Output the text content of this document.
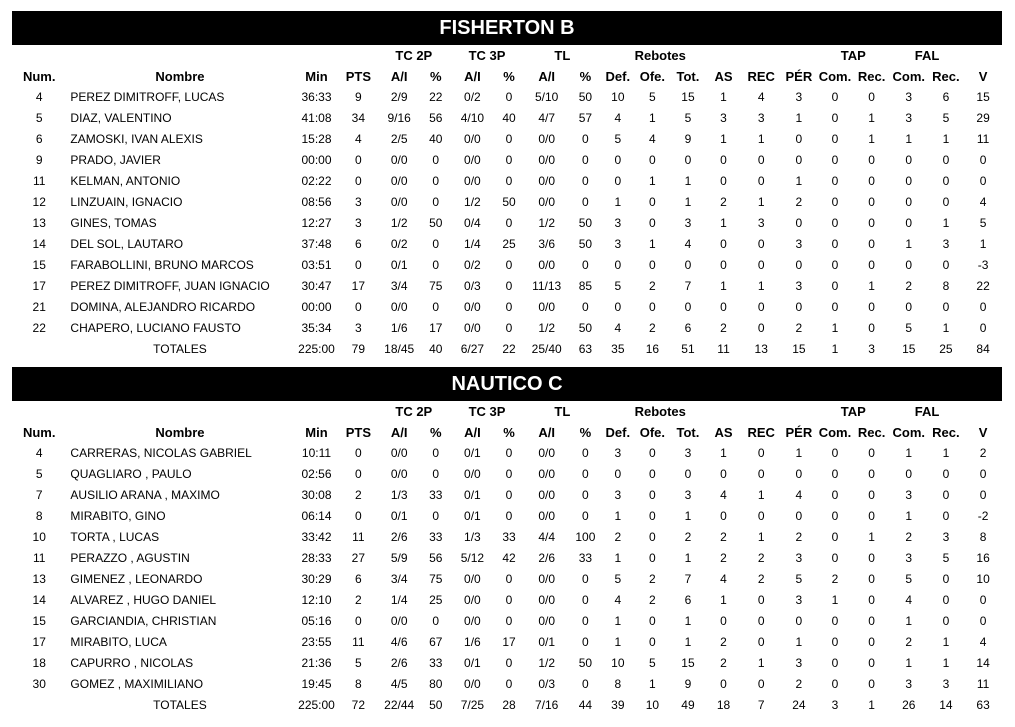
FISHERTON B
				TC 2P		TC 3P		TL			Rebotes					TAP		FAL		
Num.	Nombre	Min	PTS	A/I	%	A/I	%	A/I	%	Def.	Ofe.	Tot.	AS	REC	PÉR	Com.	Rec.	Com.	Rec.	V
4	PEREZ DIMITROFF, LUCAS	36:33	9	2/9	22	0/2	0	5/10	50	10	5	15	1	4	3	0	0	3	6	15
5	DIAZ, VALENTINO	41:08	34	9/16	56	4/10	40	4/7	57	4	1	5	3	3	1	0	1	3	5	29
6	ZAMOSKI, IVAN ALEXIS	15:28	4	2/5	40	0/0	0	0/0	0	5	4	9	1	1	0	0	1	1	1	11
9	PRADO, JAVIER	00:00	0	0/0	0	0/0	0	0/0	0	0	0	0	0	0	0	0	0	0	0	0
11	KELMAN, ANTONIO	02:22	0	0/0	0	0/0	0	0/0	0	0	1	1	0	0	1	0	0	0	0	0
12	LINZUAIN, IGNACIO	08:56	3	0/0	0	1/2	50	0/0	0	1	0	1	2	1	2	0	0	0	0	4
13	GINES, TOMAS	12:27	3	1/2	50	0/4	0	1/2	50	3	0	3	1	3	0	0	0	0	1	5
14	DEL SOL, LAUTARO	37:48	6	0/2	0	1/4	25	3/6	50	3	1	4	0	0	3	0	0	1	3	1
15	FARABOLLINI, BRUNO MARCOS	03:51	0	0/1	0	0/2	0	0/0	0	0	0	0	0	0	0	0	0	0	0	-3
17	PEREZ DIMITROFF, JUAN IGNACIO	30:47	17	3/4	75	0/3	0	11/13	85	5	2	7	1	1	3	0	1	2	8	22
21	DOMINA, ALEJANDRO RICARDO	00:00	0	0/0	0	0/0	0	0/0	0	0	0	0	0	0	0	0	0	0	0	0
22	CHAPERO, LUCIANO FAUSTO	35:34	3	1/6	17	0/0	0	1/2	50	4	2	6	2	0	2	1	0	5	1	0
	TOTALES	225:00	79	18/45	40	6/27	22	25/40	63	35	16	51	11	13	15	1	3	15	25	84
NAUTICO C
				TC 2P		TC 3P		TL			Rebotes					TAP		FAL		
Num.	Nombre	Min	PTS	A/I	%	A/I	%	A/I	%	Def.	Ofe.	Tot.	AS	REC	PÉR	Com.	Rec.	Com.	Rec.	V
4	CARRERAS, NICOLAS GABRIEL	10:11	0	0/0	0	0/1	0	0/0	0	3	0	3	1	0	1	0	0	1	1	2
5	QUAGLIARO , PAULO	02:56	0	0/0	0	0/0	0	0/0	0	0	0	0	0	0	0	0	0	0	0	0
7	AUSILIO ARANA , MAXIMO	30:08	2	1/3	33	0/1	0	0/0	0	3	0	3	4	1	4	0	0	3	0	0
8	MIRABITO, GINO	06:14	0	0/1	0	0/1	0	0/0	0	1	0	1	0	0	0	0	0	1	0	-2
10	TORTA , LUCAS	33:42	11	2/6	33	1/3	33	4/4	100	2	0	2	2	1	2	0	1	2	3	8
11	PERAZZO , AGUSTIN	28:33	27	5/9	56	5/12	42	2/6	33	1	0	1	2	2	3	0	0	3	5	16
13	GIMENEZ , LEONARDO	30:29	6	3/4	75	0/0	0	0/0	0	5	2	7	4	2	5	2	0	5	0	10
14	ALVAREZ , HUGO DANIEL	12:10	2	1/4	25	0/0	0	0/0	0	4	2	6	1	0	3	1	0	4	0	0
15	GARCIANDIA, CHRISTIAN	05:16	0	0/0	0	0/0	0	0/0	0	1	0	1	0	0	0	0	0	1	0	0
17	MIRABITO, LUCA	23:55	11	4/6	67	1/6	17	0/1	0	1	0	1	2	0	1	0	0	2	1	4
18	CAPURRO , NICOLAS	21:36	5	2/6	33	0/1	0	1/2	50	10	5	15	2	1	3	0	0	1	1	14
30	GOMEZ , MAXIMILIANO	19:45	8	4/5	80	0/0	0	0/3	0	8	1	9	0	0	2	0	0	3	3	11
	TOTALES	225:00	72	22/44	50	7/25	28	7/16	44	39	10	49	18	7	24	3	1	26	14	63
